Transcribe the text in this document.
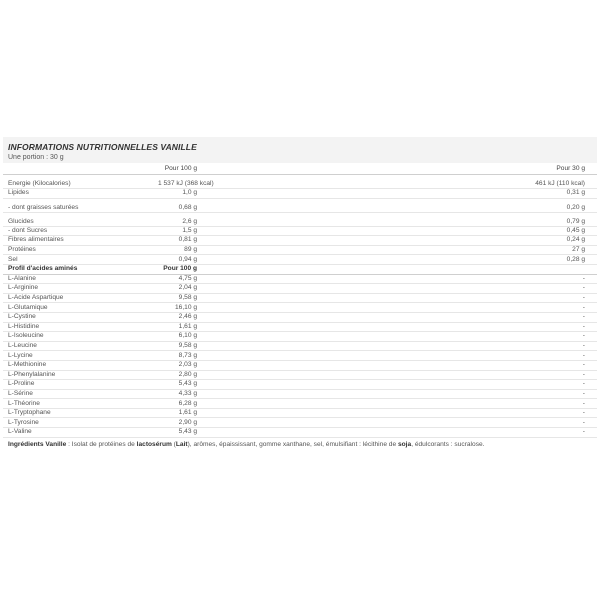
INFORMATIONS NUTRITIONNELLES VANILLE
Une portion : 30 g
	Pour 100 g	Pour 30 g
Energie (Kilocalories)	1 537 kJ (368 kcal)	461 kJ (110 kcal)
Lipides	1,0 g	0,31 g
- dont graisses saturées	0,68 g	0,20 g
Glucides	2,6 g	0,79 g
- dont Sucres	1,5 g	0,45 g
Fibres alimentaires	0,81 g	0,24 g
Protéines	89 g	27 g
Sel	0,94 g	0,28 g
Profil d'acides aminés	Pour 100 g	
L-Alanine	4,75 g	-
L-Arginine	2,04 g	-
L-Acide Aspartique	9,58 g	-
L-Glutamique	16,10 g	-
L-Cystine	2,46 g	-
L-Histidine	1,61 g	-
L-Isoleucine	6,10 g	-
L-Leucine	9,58 g	-
L-Lycine	8,73 g	-
L-Methionine	2,03 g	-
L-Phenylalanine	2,80 g	-
L-Proline	5,43 g	-
L-Sérine	4,33 g	-
L-Théorine	6,28 g	-
L-Tryptophane	1,61 g	-
L-Tyrosine	2,90 g	-
L-Valine	5,43 g	-
Ingrédients Vanille : Isolat de protéines de lactosérum (Lait), arômes, épaississant, gomme xanthane, sel, émulsifiant : lécithine de soja, édulcorants : sucralose.
